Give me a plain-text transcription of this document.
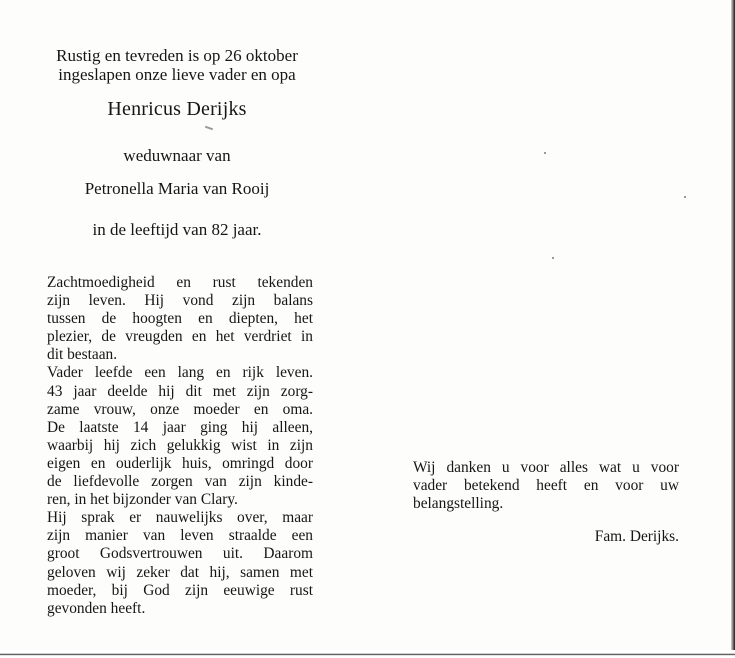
Rustig en tevreden is op 26 oktober
ingeslapen onze lieve vader en opa
Henricus Derijks
weduwnaar van
Petronella Maria van Rooij
in de leeftijd van 82 jaar.
Zachtmoedigheid en rust tekenden
zijn leven. Hij vond zijn balans
tussen de hoogten en diepten, het
plezier, de vreugden en het verdriet in
dit bestaan.
Vader leefde een lang en rijk leven.
43 jaar deelde hij dit met zijn zorg-
zame vrouw, onze moeder en oma.
De laatste 14 jaar ging hij alleen,
waarbij hij zich gelukkig wist in zijn
eigen en ouderlijk huis, omringd door
de liefdevolle zorgen van zijn kinde-
ren, in het bijzonder van Clary.
Hij sprak er nauwelijks over, maar
zijn manier van leven straalde een
groot Godsvertrouwen uit. Daarom
geloven wij zeker dat hij, samen met
moeder, bij God zijn eeuwige rust
gevonden heeft.
Wij danken u voor alles wat u voor
vader betekend heeft en voor uw
belangstelling.
Fam. Derijks.
